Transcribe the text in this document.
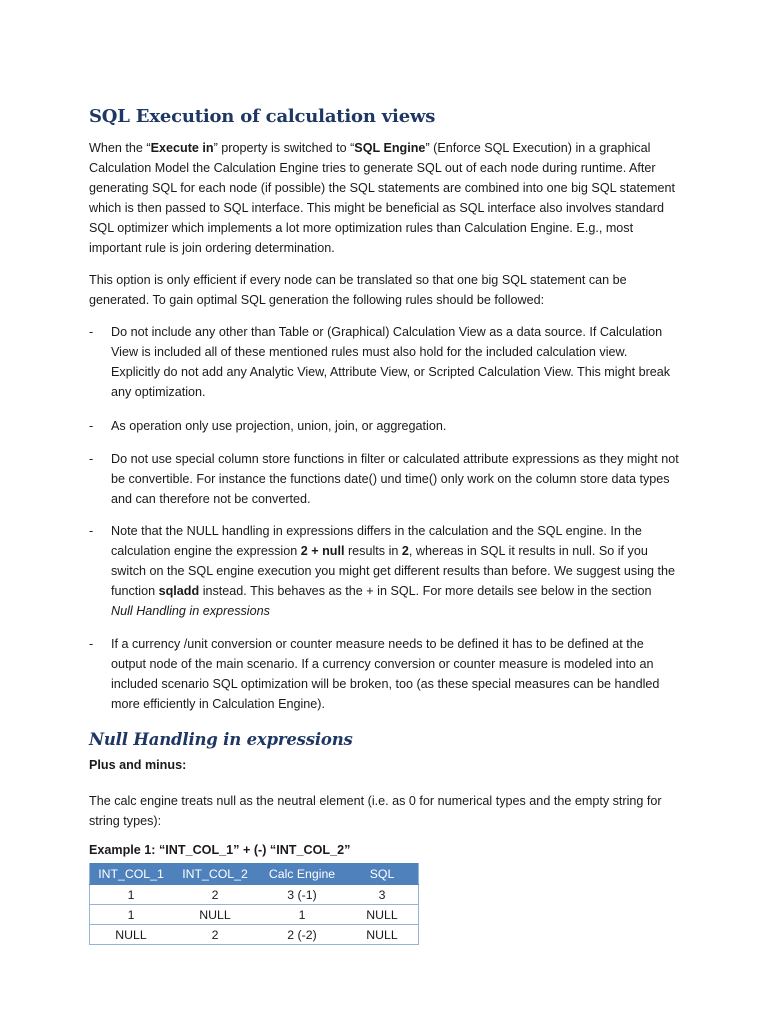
SQL Execution of calculation views

When the “Execute in” property is switched to “SQL Engine” (Enforce SQL Execution) in a graphical Calculation Model the Calculation Engine tries to generate SQL out of each node during runtime. After generating SQL for each node (if possible) the SQL statements are combined into one big SQL statement which is then passed to SQL interface. This might be beneficial as SQL interface also involves standard SQL optimizer which implements a lot more optimization rules than Calculation Engine. E.g., most important rule is join ordering determination.

This option is only efficient if every node can be translated so that one big SQL statement can be generated. To gain optimal SQL generation the following rules should be followed:

- Do not include any other than Table or (Graphical) Calculation View as a data source. If Calculation View is included all of these mentioned rules must also hold for the included calculation view. Explicitly do not add any Analytic View, Attribute View, or Scripted Calculation View. This might break any optimization.
- As operation only use projection, union, join, or aggregation.
- Do not use special column store functions in filter or calculated attribute expressions as they might not be convertible. For instance the functions date() und time() only work on the column store data types and can therefore not be converted.
- Note that the NULL handling in expressions differs in the calculation and the SQL engine. In the calculation engine the expression 2 + null results in 2, whereas in SQL it results in null. So if you switch on the SQL engine execution you might get different results than before. We suggest using the function sqladd instead. This behaves as the + in SQL. For more details see below in the section
Null Handling in expressions
- If a currency /unit conversion or counter measure needs to be defined it has to be defined at the output node of the main scenario. If a currency conversion or counter measure is modeled into an included scenario SQL optimization will be broken, too (as these special measures can be handled more efficiently in Calculation Engine).
Null Handling in expressions
Plus and minus:

The calc engine treats null as the neutral element (i.e. as 0 for numerical types and the empty string for string types):

Example 1: “INT_COL_1” + (-) “INT_COL_2”
INT_COL_1	INT_COL_2	Calc Engine	SQL
1	2	3 (-1)	3
1	NULL	1	NULL
NULL	2	2 (-2)	NULL
